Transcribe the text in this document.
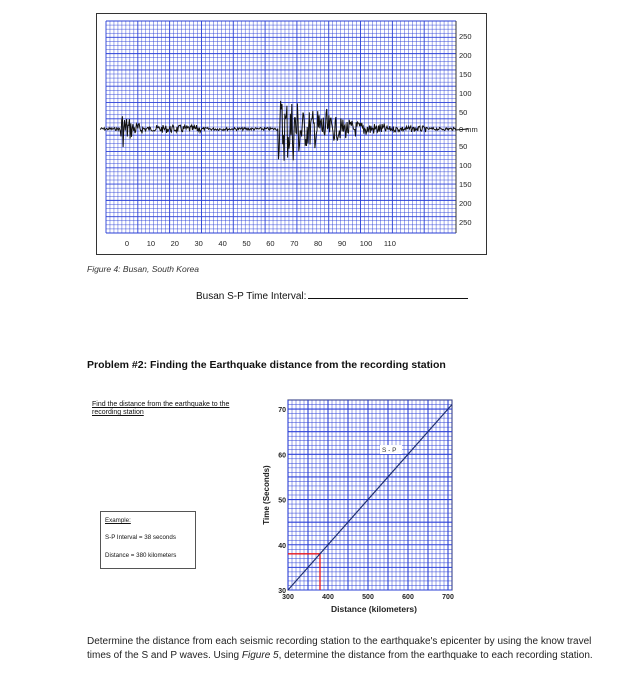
0 10 20 30 40 50 60 70 80 90 100 110
250
200
150
100
50
0 mm
50
100
150
200
250
Figure 4: Busan, South Korea
Busan S-P Time Interval:
Problem #2: Finding the Earthquake distance from the recording station
Find the distance from the earthquake to the recording station
Example:
S-P Interval = 38 seconds
Distance = 380 kilometers
S - P
30
40
50
60
70
300	400	500	600	700
Time (Seconds)
Distance (kilometers)
Determine the distance from each seismic recording station to the earthquake's epicenter by using the know travel times of the S and P waves. Using Figure 5, determine the distance from the earthquake to each recording station.
